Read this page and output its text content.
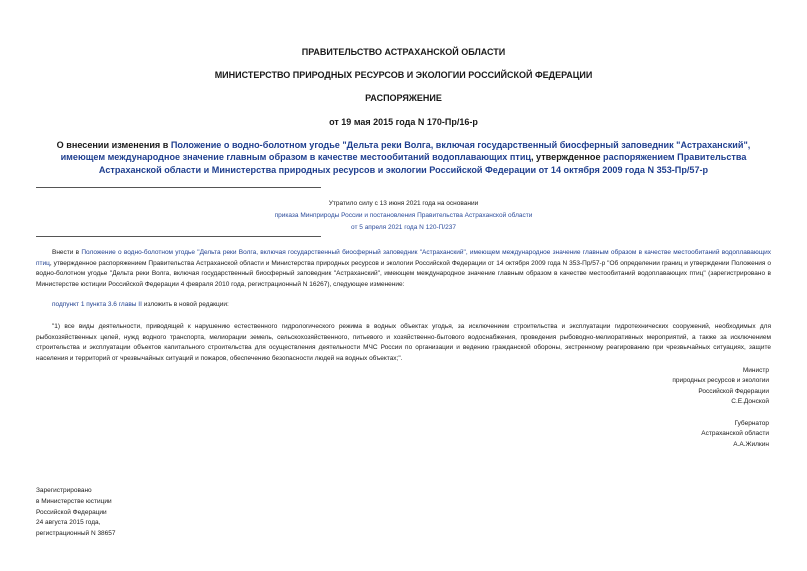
ПРАВИТЕЛЬСТВО АСТРАХАНСКОЙ ОБЛАСТИ
МИНИСТЕРСТВО ПРИРОДНЫХ РЕСУРСОВ И ЭКОЛОГИИ РОССИЙСКОЙ ФЕДЕРАЦИИ
РАСПОРЯЖЕНИЕ
от 19 мая 2015 года N 170-Пр/16-р
О внесении изменения в Положение о водно-болотном угодье "Дельта реки Волга, включая государственный биосферный заповедник "Астраханский", имеющем международное значение главным образом в качестве местообитаний водоплавающих птиц, утвержденное распоряжением Правительства Астраханской области и Министерства природных ресурсов и экологии Российской Федерации от 14 октября 2009 года N 353-Пр/57-р
Утратило силу с 13 июня 2021 года на основании
приказа Минприроды России и постановления Правительства Астраханской области
от 5 апреля 2021 года N 120-П/237
Внести в Положение о водно-болотном угодье "Дельта реки Волга, включая государственный биосферный заповедник "Астраханский", имеющем международное значение главным образом в качестве местообитаний водоплавающих птиц, утвержденное распоряжением Правительства Астраханской области и Министерства природных ресурсов и экологии Российской Федерации от 14 октября 2009 года N 353-Пр/57-р "Об определении границ и утверждении Положения о водно-болотном угодье "Дельта реки Волга, включая государственный биосферный заповедник "Астраханский", имеющем международное значение главным образом в качестве местообитаний водоплавающих птиц" (зарегистрировано в Министерстве юстиции Российской Федерации 4 февраля 2010 года, регистрационный N 16267), следующее изменение:
подпункт 1 пункта 3.6 главы II изложить в новой редакции:
"1) все виды деятельности, приводящей к нарушению естественного гидрологического режима в водных объектах угодья, за исключением строительства и эксплуатации гидротехнических сооружений, необходимых для рыбохозяйственных целей, нужд водного транспорта, мелиорации земель, сельскохозяйственного, питьевого и хозяйственно-бытового водоснабжения, проведения рыбоводно-мелиоративных мероприятий, а также за исключением строительства и эксплуатации объектов капитального строительства для осуществления деятельности МЧС России по организации и ведению гражданской обороны, экстренному реагированию при чрезвычайных ситуациях, защите населения и территорий от чрезвычайных ситуаций и пожаров, обеспечению безопасности людей на водных объектах;".
Министр
природных ресурсов и экологии
Российской Федерации
С.Е.Донской
Губернатор
Астраханской области
А.А.Жилкин
Зарегистрировано
в Министерстве юстиции
Российской Федерации
24 августа 2015 года,
регистрационный N 38657
